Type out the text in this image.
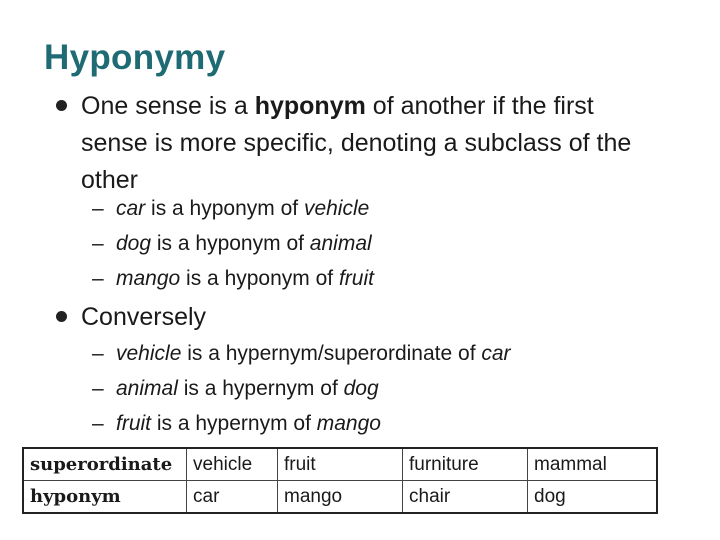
Hyponymy
One sense is a hyponym of another if the first sense is more specific, denoting a subclass of the other
– car is a hyponym of vehicle
– dog is a hyponym of animal
– mango is a hyponym of fruit
Conversely
– vehicle is a hypernym/superordinate of car
– animal is a hypernym of dog
– fruit is a hypernym of mango
superordinate	vehicle	fruit	furniture	mammal
hyponym	car	mango	chair	dog
